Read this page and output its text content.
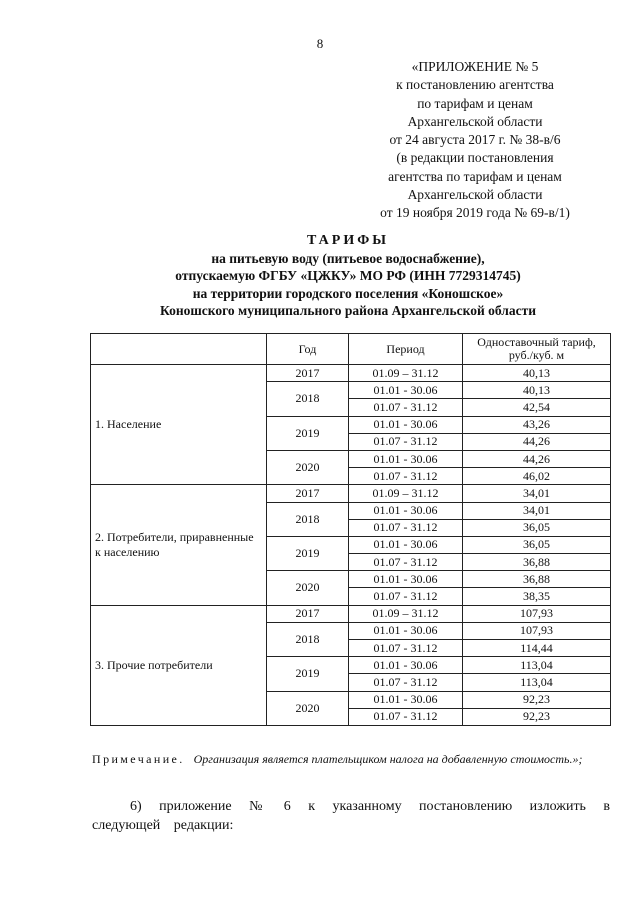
8
«ПРИЛОЖЕНИЕ № 5
к постановлению агентства
по тарифам и ценам
Архангельской области
от 24 августа 2017 г. № 38-в/6
(в редакции постановления
агентства по тарифам и ценам
Архангельской области
от 19 ноября 2019 года № 69-в/1)
ТАРИФЫ
на питьевую воду (питьевое водоснабжение),
отпускаемую ФГБУ «ЦЖКУ» МО РФ (ИНН 7729314745)
на территории городского поселения «Коношское»
Коношского муниципального района Архангельской области
	Год	Период	Одноставочный тариф, руб./куб. м
1. Население	2017	01.09 – 31.12	40,13
	2018	01.01 - 30.06	40,13
		01.07 - 31.12	42,54
	2019	01.01 - 30.06	43,26
		01.07 - 31.12	44,26
	2020	01.01 - 30.06	44,26
		01.07 - 31.12	46,02
2. Потребители, приравненные к населению	2017	01.09 – 31.12	34,01
	2018	01.01 - 30.06	34,01
		01.07 - 31.12	36,05
	2019	01.01 - 30.06	36,05
		01.07 - 31.12	36,88
	2020	01.01 - 30.06	36,88
		01.07 - 31.12	38,35
3. Прочие потребители	2017	01.09 – 31.12	107,93
	2018	01.01 - 30.06	107,93
		01.07 - 31.12	114,44
	2019	01.01 - 30.06	113,04
		01.07 - 31.12	113,04
	2020	01.01 - 30.06	92,23
		01.07 - 31.12	92,23
Примечание. Организация является плательщиком налога на добавленную стоимость.»;
6) приложение № 6 к указанному постановлению изложить в следующей редакции:
